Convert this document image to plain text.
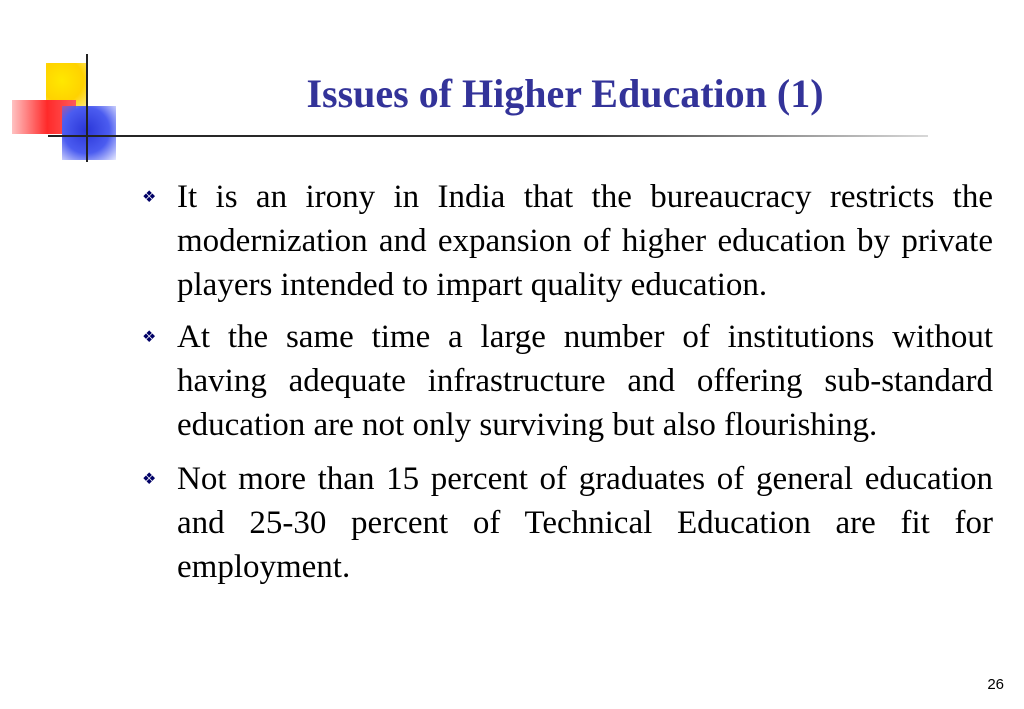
Issues of Higher Education (1)
❖ It is an irony in India that the bureaucracy restricts the modernization and expansion of higher education by private players intended to impart quality education.
❖ At the same time a large number of institutions without having adequate infrastructure and offering sub-standard education are not only surviving but also flourishing.
❖ Not more than 15 percent of graduates of general education and 25-30 percent of Technical Education are fit for employment.
26
